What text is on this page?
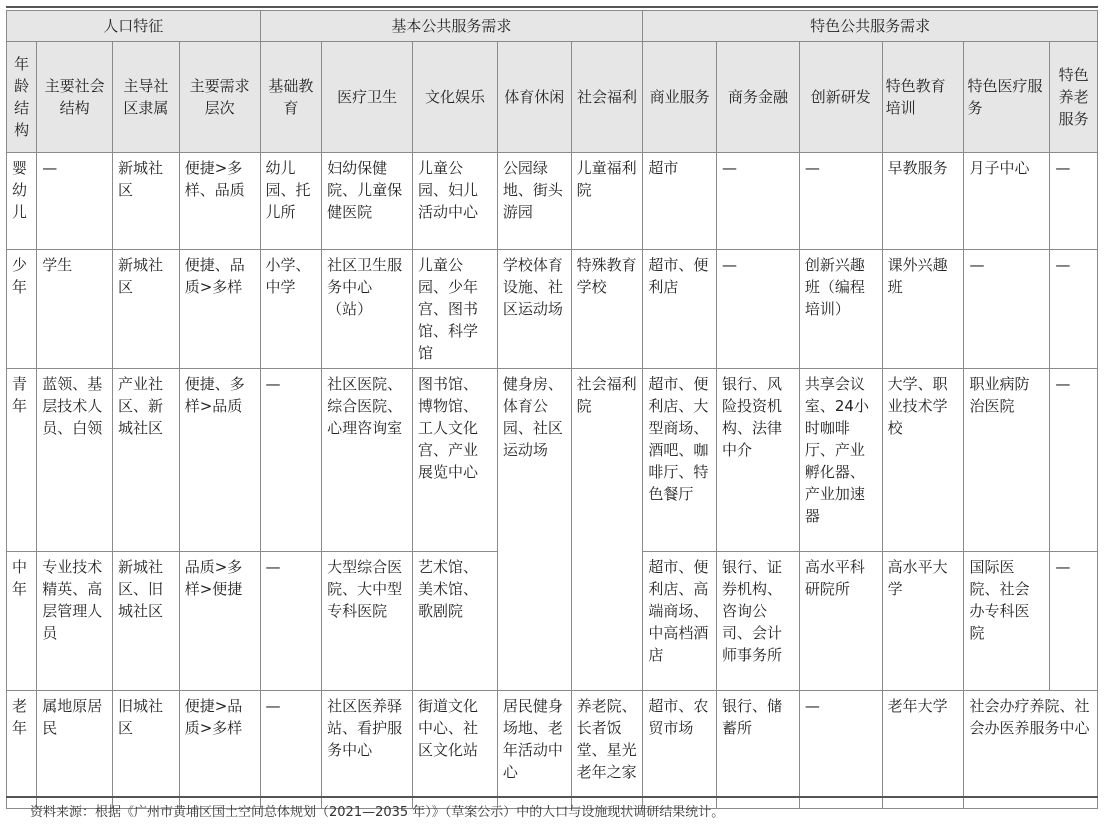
人口特征				基本公共服务需求					特色公共服务需求					
年龄结构	主要社会结构	主导社区隶属	主要需求层次	基础教育	医疗卫生	文化娱乐	体育休闲	社会福利	商业服务	商务金融	创新研发	特色教育培训	特色医疗服务	特色养老服务
婴幼儿	—	新城社区	便捷>多样、品质	幼儿园、托儿所	妇幼保健院、儿童保健医院	儿童公园、妇儿活动中心	公园绿地、街头游园	儿童福利院	超市	—	—	早教服务	月子中心	—
少年	学生	新城社区	便捷、品质>多样	小学、中学	社区卫生服务中心（站）	儿童公园、少年宫、图书馆、科学馆	学校体育设施、社区运动场	特殊教育学校	超市、便利店	—	创新兴趣班（编程培训）	课外兴趣班	—	—
青年	蓝领、基层技术人员、白领	产业社区、新城社区	便捷、多样>品质	—	社区医院、综合医院、心理咨询室	图书馆、博物馆、工人文化宫、产业展览中心	健身房、体育公园、社区运动场	社会福利院	超市、便利店、大型商场、酒吧、咖啡厅、特色餐厅	银行、风险投资机构、法律中介	共享会议室、24小时咖啡厅、产业孵化器、产业加速器	大学、职业技术学校	职业病防治医院	—
中年	专业技术精英、高层管理人员	新城社区、旧城社区	品质>多样>便捷	—	大型综合医院、大中型专科医院	艺术馆、美术馆、歌剧院			超市、便利店、高端商场、中高档酒店	银行、证券机构、咨询公司、会计师事务所	高水平科研院所	高水平大学	国际医院、社会办专科医院	—
老年	属地原居民	旧城社区	便捷>品质>多样	—	社区医养驿站、看护服务中心	街道文化中心、社区文化站	居民健身场地、老年活动中心	养老院、长者饭堂、星光老年之家	超市、农贸市场	银行、储蓄所	—	老年大学	社会办疗养院、社会办医养服务中心	
资料来源：根据《广州市黄埔区国土空间总体规划（2021—2035 年）》（草案公示）中的人口与设施现状调研结果统计。
